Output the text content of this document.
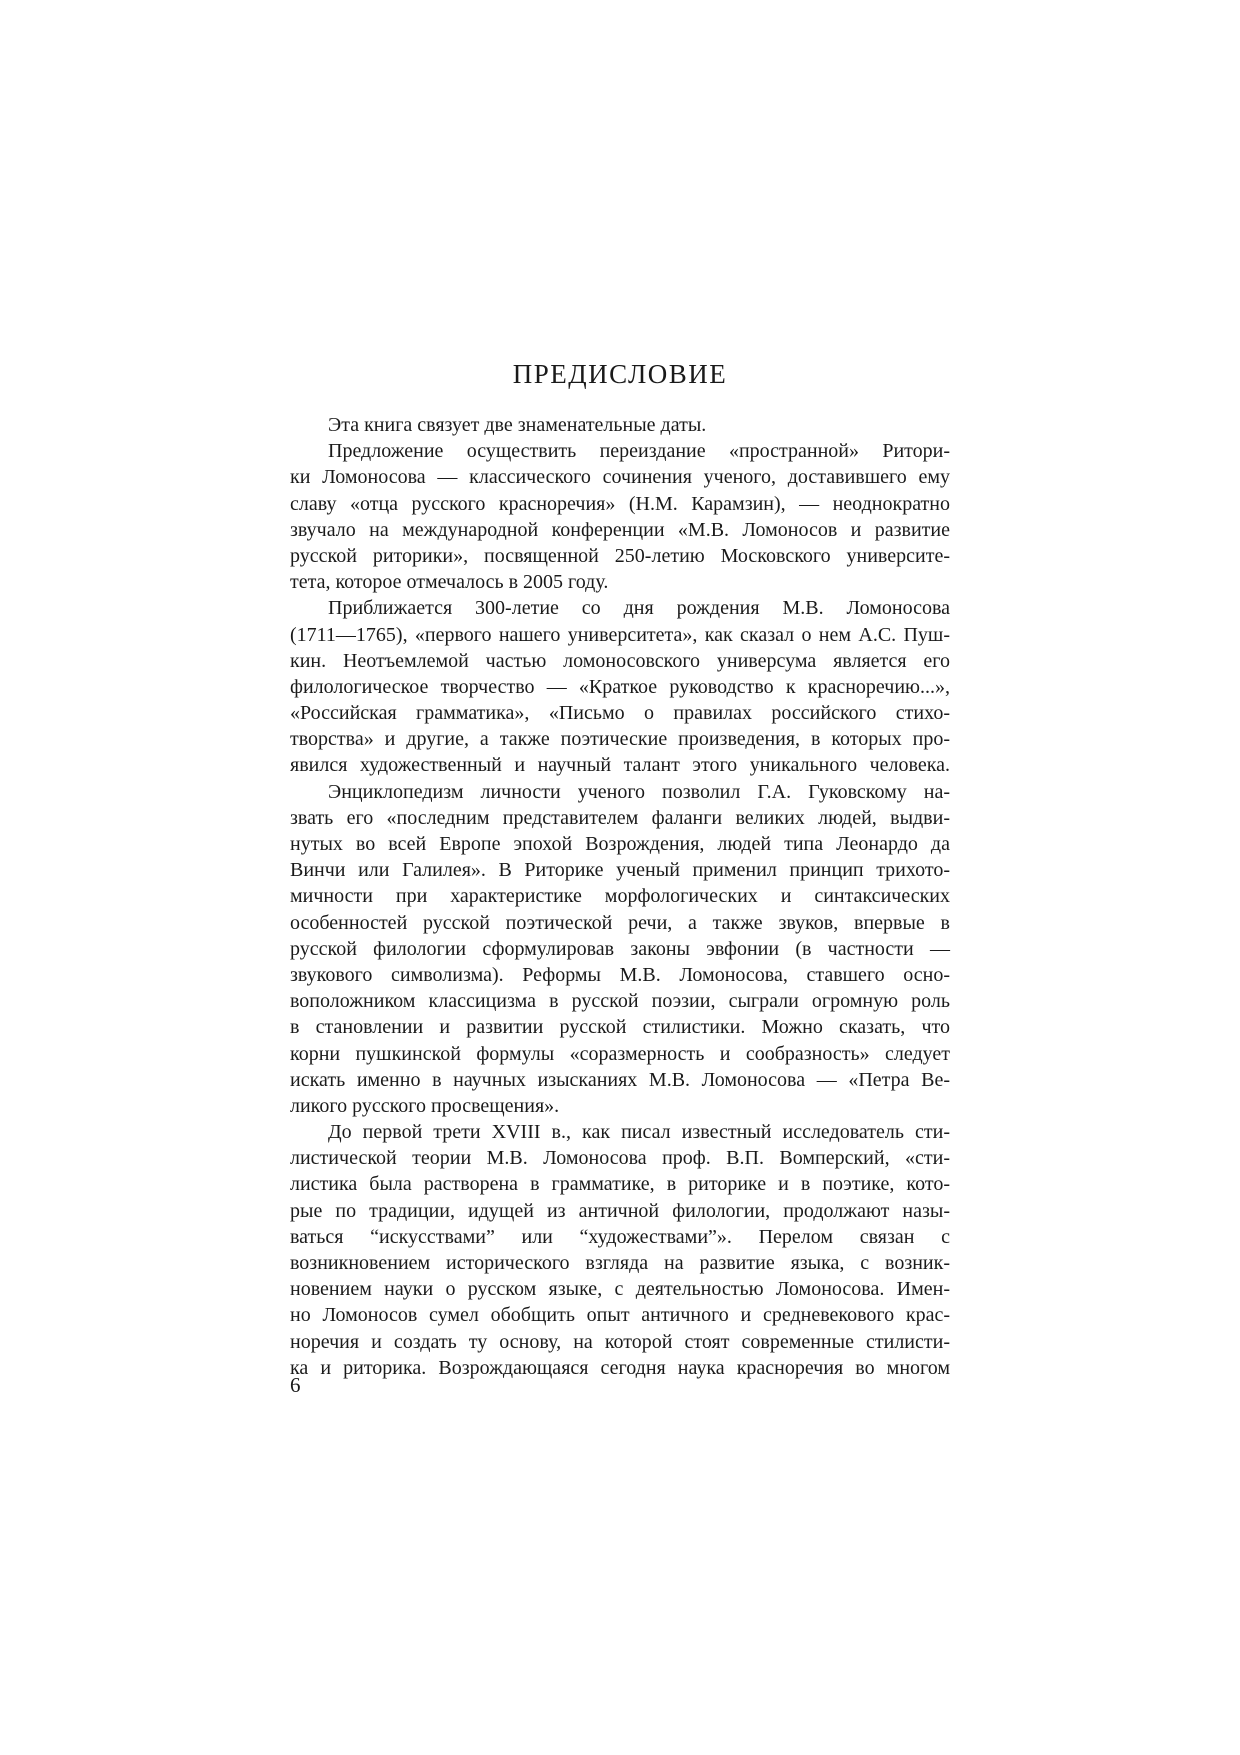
ПРЕДИСЛОВИЕ
Эта книга связует две знаменательные даты.
Предложение осуществить переиздание «пространной» Ритори-
ки Ломоносова — классического сочинения ученого, доставившего ему
славу «отца русского красноречия» (Н.М. Карамзин), — неоднократно
звучало на международной конференции «М.В. Ломоносов и развитие
русской риторики», посвященной 250-летию Московского университе-
тета, которое отмечалось в 2005 году.
Приближается 300-летие со дня рождения М.В. Ломоносова
(1711—1765), «первого нашего университета», как сказал о нем А.С. Пуш-
кин. Неотъемлемой частью ломоносовского универсума является его
филологическое творчество — «Краткое руководство к красноречию...»,
«Российская грамматика», «Письмо о правилах российского стихо-
творства» и другие, а также поэтические произведения, в которых про-
явился художественный и научный талант этого уникального человека.
Энциклопедизм личности ученого позволил Г.А. Гуковскому на-
звать его «последним представителем фаланги великих людей, выдви-
нутых во всей Европе эпохой Возрождения, людей типа Леонардо да
Винчи или Галилея». В Риторике ученый применил принцип трихото-
мичности при характеристике морфологических и синтаксических
особенностей русской поэтической речи, а также звуков, впервые в
русской филологии сформулировав законы эвфонии (в частности —
звукового символизма). Реформы М.В. Ломоносова, ставшего осно-
воположником классицизма в русской поэзии, сыграли огромную роль
в становлении и развитии русской стилистики. Можно сказать, что
корни пушкинской формулы «соразмерность и сообразность» следует
искать именно в научных изысканиях М.В. Ломоносова — «Петра Ве-
ликого русского просвещения».
До первой трети XVIII в., как писал известный исследователь сти-
листической теории М.В. Ломоносова проф. В.П. Вомперский, «сти-
листика была растворена в грамматике, в риторике и в поэтике, кото-
рые по традиции, идущей из античной филологии, продолжают назы-
ваться “искусствами” или “художествами”». Перелом связан с
возникновением исторического взгляда на развитие языка, с возник-
новением науки о русском языке, с деятельностью Ломоносова. Имен-
но Ломоносов сумел обобщить опыт античного и средневекового крас-
норечия и создать ту основу, на которой стоят современные стилисти-
ка и риторика. Возрождающаяся сегодня наука красноречия во многом

6
